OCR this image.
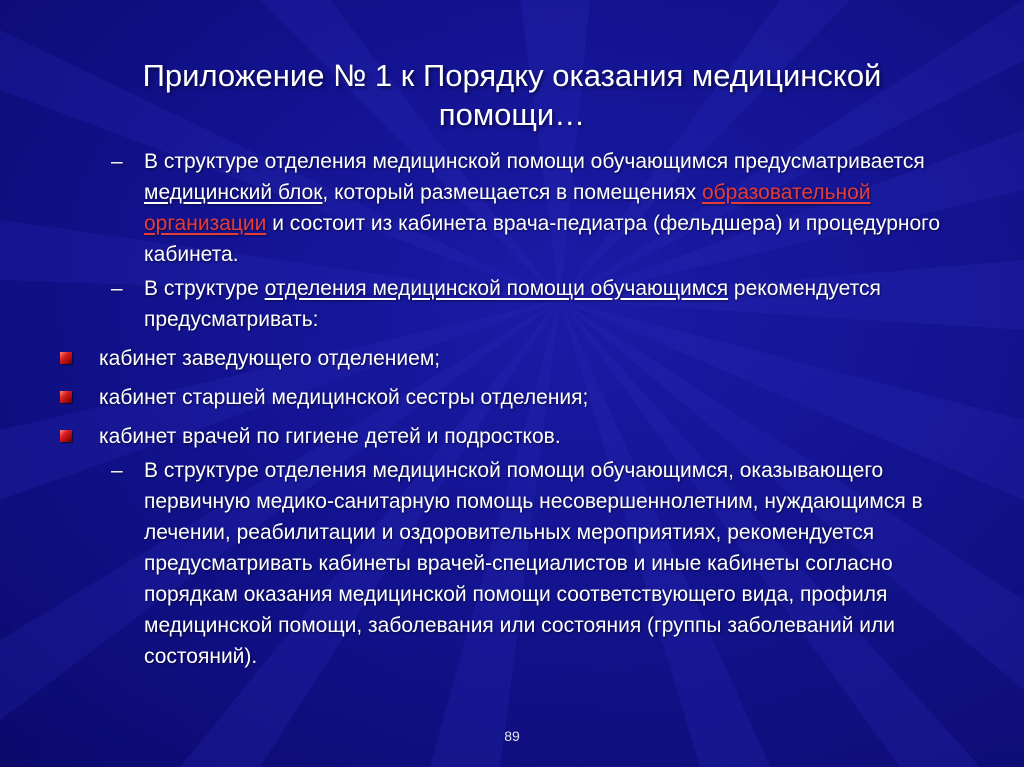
Приложение № 1 к Порядку оказания медицинской
помощи…
– В структуре отделения медицинской помощи обучающимся предусматривается медицинский блок, который размещается в помещениях образовательной организации и состоит из кабинета врача-педиатра (фельдшера) и процедурного кабинета.
– В структуре отделения медицинской помощи обучающимся рекомендуется предусматривать:
кабинет заведующего отделением;
кабинет старшей медицинской сестры отделения;
кабинет врачей по гигиене детей и подростков.
– В структуре отделения медицинской помощи обучающимся, оказывающего первичную медико-санитарную помощь несовершеннолетним, нуждающимся в лечении, реабилитации и оздоровительных мероприятиях, рекомендуется предусматривать кабинеты врачей-специалистов и иные кабинеты согласно порядкам оказания медицинской помощи соответствующего вида, профиля медицинской помощи, заболевания или состояния (группы заболеваний или состояний).
89
